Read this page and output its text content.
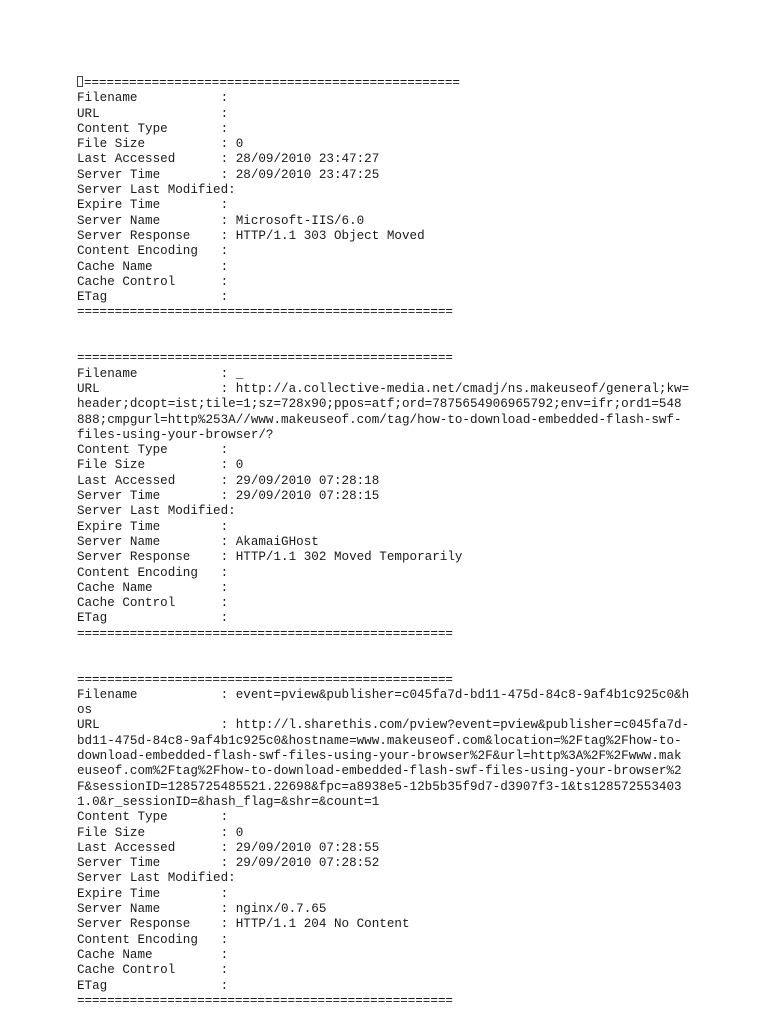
==================================================
Filename           :
URL                :
Content Type       :
File Size          : 0
Last Accessed      : 28/09/2010 23:47:27
Server Time        : 28/09/2010 23:47:25
Server Last Modified:
Expire Time        :
Server Name        : Microsoft-IIS/6.0
Server Response    : HTTP/1.1 303 Object Moved
Content Encoding   :
Cache Name         :
Cache Control      :
ETag               :
==================================================
==================================================
Filename           : _
URL                : http://a.collective-media.net/cmadj/ns.makeuseof/general;kw=
header;dcopt=ist;tile=1;sz=728x90;ppos=atf;ord=7875654906965792;env=ifr;ord1=548
888;cmpgurl=http%253A//www.makeuseof.com/tag/how-to-download-embedded-flash-swf-
files-using-your-browser/?
Content Type       :
File Size          : 0
Last Accessed      : 29/09/2010 07:28:18
Server Time        : 29/09/2010 07:28:15
Server Last Modified:
Expire Time        :
Server Name        : AkamaiGHost
Server Response    : HTTP/1.1 302 Moved Temporarily
Content Encoding   :
Cache Name         :
Cache Control      :
ETag               :
==================================================
==================================================
Filename           : event=pview&publisher=c045fa7d-bd11-475d-84c8-9af4b1c925c0&h
os
URL                : http://l.sharethis.com/pview?event=pview&publisher=c045fa7d-
bd11-475d-84c8-9af4b1c925c0&hostname=www.makeuseof.com&location=%2Ftag%2Fhow-to-
download-embedded-flash-swf-files-using-your-browser%2F&url=http%3A%2F%2Fwww.mak
euseof.com%2Ftag%2Fhow-to-download-embedded-flash-swf-files-using-your-browser%2
F&sessionID=1285725485521.22698&fpc=a8938e5-12b5b35f9d7-d3907f3-1&ts128572553403
1.0&r_sessionID=&hash_flag=&shr=&count=1
Content Type       :
File Size          : 0
Last Accessed      : 29/09/2010 07:28:55
Server Time        : 29/09/2010 07:28:52
Server Last Modified:
Expire Time        :
Server Name        : nginx/0.7.65
Server Response    : HTTP/1.1 204 No Content
Content Encoding   :
Cache Name         :
Cache Control      :
ETag               :
==================================================
